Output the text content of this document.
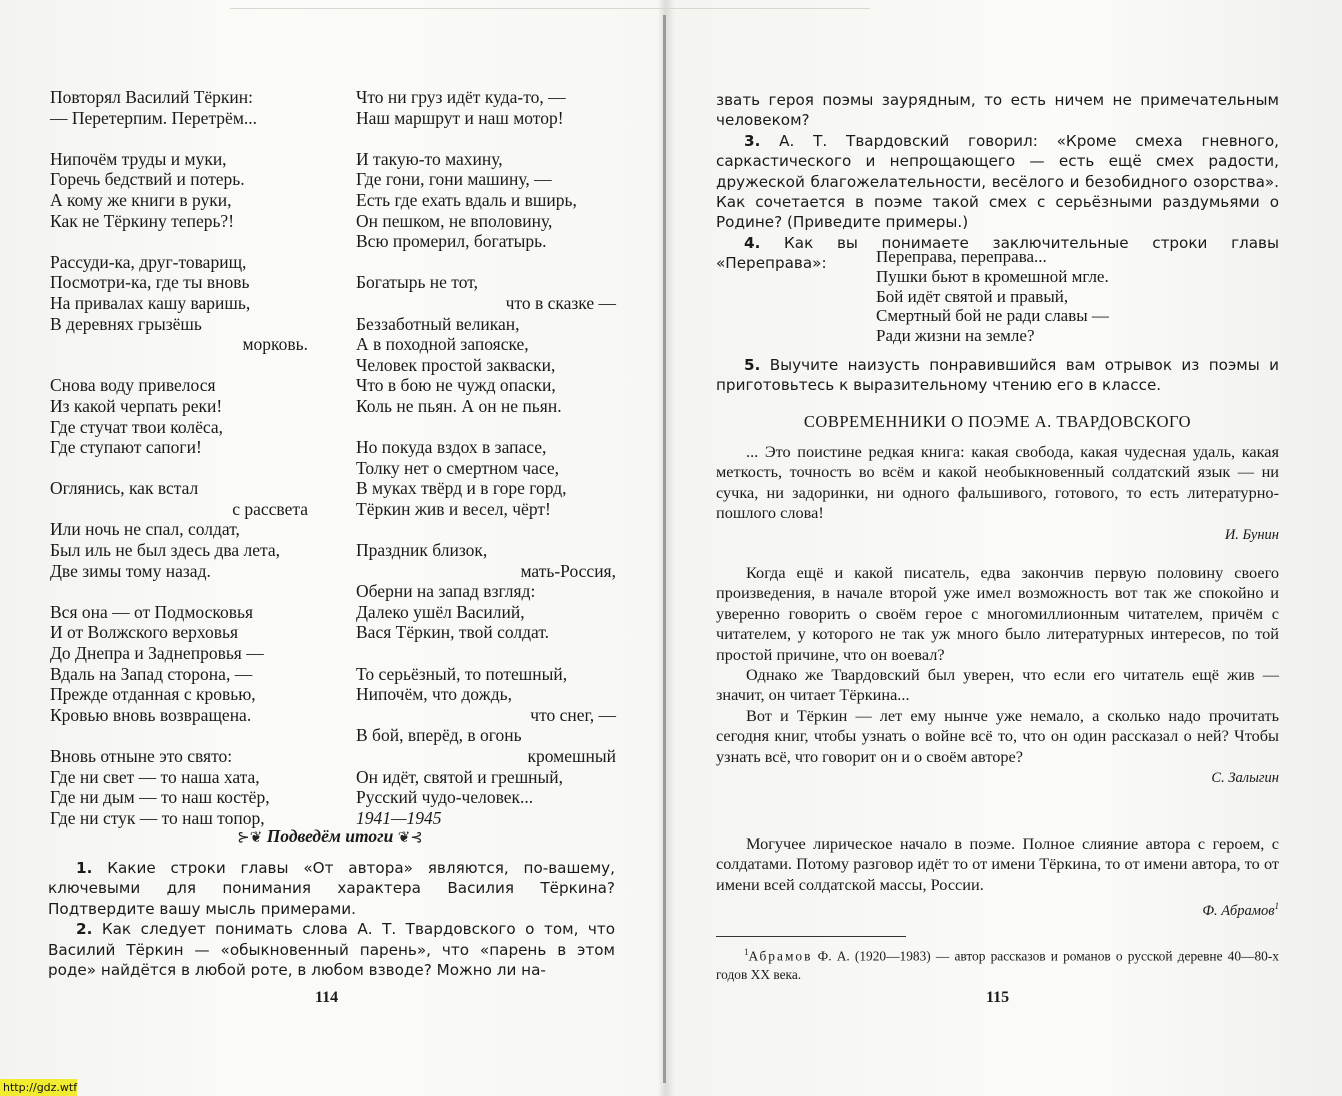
Повторял Василий Тёркин:
— Перетерпим. Перетрём...
Нипочём труды и муки,
Горечь бедствий и потерь.
А кому же книги в руки,
Как не Тёркину теперь?!
Рассуди-ка, друг-товарищ,
Посмотри-ка, где ты вновь
На привалах кашу варишь,
В деревнях грызёшь
морковь.
Снова воду привелося
Из какой черпать реки!
Где стучат твои колёса,
Где ступают сапоги!
Оглянись, как встал
с рассвета
Или ночь не спал, солдат,
Был иль не был здесь два лета,
Две зимы тому назад.
Вся она — от Подмосковья
И от Волжского верховья
До Днепра и Заднепровья —
Вдаль на Запад сторона, —
Прежде отданная с кровью,
Кровью вновь возвращена.
Вновь отныне это свято:
Где ни свет — то наша хата,
Где ни дым — то наш костёр,
Где ни стук — то наш топор,
Что ни груз идёт куда-то, —
Наш маршрут и наш мотор!
И такую-то махину,
Где гони, гони машину, —
Есть где ехать вдаль и вширь,
Он пешком, не вполовину,
Всю промерил, богатырь.
Богатырь не тот,
что в сказке —
Беззаботный великан,
А в походной запояске,
Человек простой закваски,
Что в бою не чужд опаски,
Коль не пьян. А он не пьян.
Но покуда вздох в запасе,
Толку нет о смертном часе,
В муках твёрд и в горе горд,
Тёркин жив и весел, чёрт!
Праздник близок,
мать-Россия,
Оберни на запад взгляд:
Далеко ушёл Василий,
Вася Тёркин, твой солдат.
То серьёзный, то потешный,
Нипочём, что дождь,
что снег, —
В бой, вперёд, в огонь
кромешный
Он идёт, святой и грешный,
Русский чудо-человек...
1941—1945
⊱❦ Подведём итоги ❦⊰

1. Какие строки главы «От автора» являются, по-вашему, ключевыми для понимания характера Василия Тёркина? Подтвердите вашу мысль примерами.

2. Как следует понимать слова А. Т. Твардовского о том, что Василий Тёркин — «обыкновенный парень», что «парень в этом роде» найдётся в любой роте, в любом взводе? Можно ли на-

114

звать героя поэмы заурядным, то есть ничем не примечательным человеком?

3. А. Т. Твардовский говорил: «Кроме смеха гневного, саркастического и непрощающего — есть ещё смех радости, дружеской благожелательности, весёлого и безобидного озорства». Как сочетается в поэме такой смех с серьёзными раздумьями о Родине? (Приведите примеры.)

4. Как вы понимаете заключительные строки главы «Переправа»:	Переправа, переправа...
Пушки бьют в кромешной мгле.
Бой идёт святой и правый,
Смертный бой не ради славы —
Ради жизни на земле?

5. Выучите наизусть понравившийся вам отрывок из поэмы и приготовьтесь к выразительному чтению его в классе.

СОВРЕМЕННИКИ О ПОЭМЕ А. ТВАРДОВСКОГО

... Это поистине редкая книга: какая свобода, какая чудесная удаль, какая меткость, точность во всём и какой необыкновенный солдатский язык — ни сучка, ни задоринки, ни одного фальшивого, готового, то есть литературно-пошлого слова!

И. Бунин

Когда ещё и какой писатель, едва закончив первую половину своего произведения, в начале второй уже имел возможность вот так же спокойно и уверенно говорить о своём герое с многомиллионным читателем, причём с читателем, у которого не так уж много было литературных интересов, по той простой причине, что он воевал?

Однако же Твардовский был уверен, что если его читатель ещё жив — значит, он читает Тёркина...

Вот и Тёркин — лет ему нынче уже немало, а сколько надо прочитать сегодня книг, чтобы узнать о войне всё то, что он один рассказал о ней? Чтобы узнать всё, что говорит он и о своём авторе?

С. Залыгин

Могучее лирическое начало в поэме. Полное слияние автора с героем, с солдатами. Потому разговор идёт то от имени Тёркина, то от имени автора, то от имени всей солдатской массы, России.

Ф. Абрамов$^1$
$^1$Абрамов Ф. А. (1920—1983) — автор рассказов и романов о русской деревне 40—80-х годов XX века.
115
http://gdz.wtf
